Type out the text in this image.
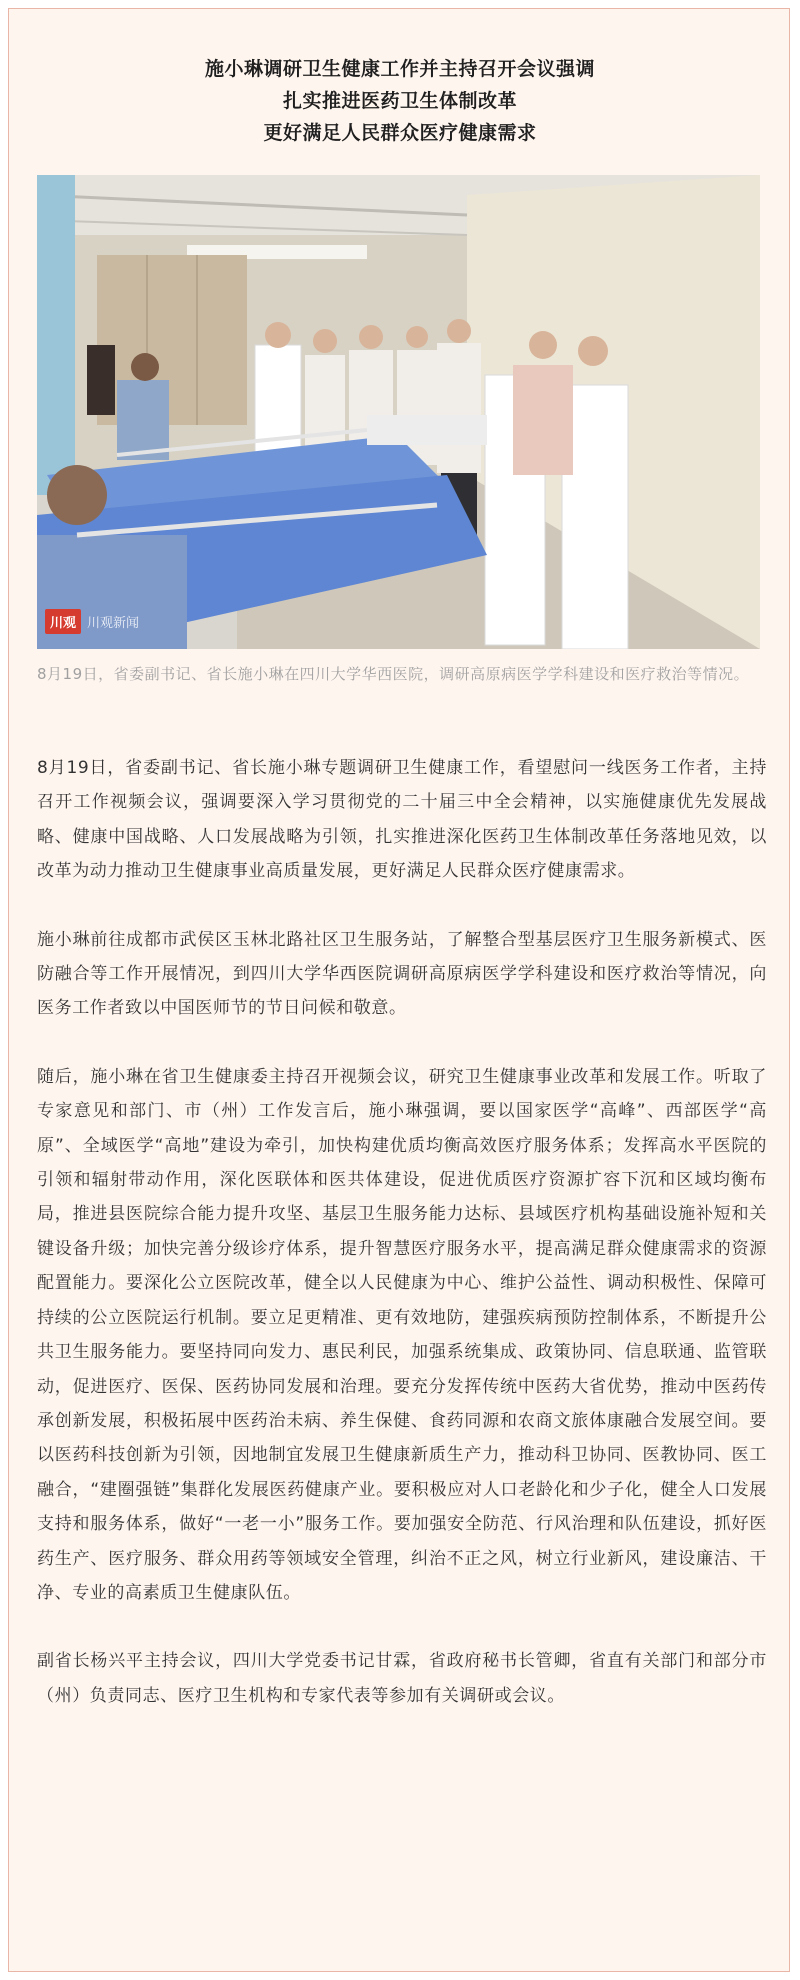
施小琳调研卫生健康工作并主持召开会议强调
扎实推进医药卫生体制改革
更好满足人民群众医疗健康需求
川观 川观新闻
8月19日，省委副书记、省长施小琳在四川大学华西医院，调研高原病医学学科建设和医疗救治等情况。

8月19日，省委副书记、省长施小琳专题调研卫生健康工作，看望慰问一线医务工作者，主持召开工作视频会议，强调要深入学习贯彻党的二十届三中全会精神，以实施健康优先发展战略、健康中国战略、人口发展战略为引领，扎实推进深化医药卫生体制改革任务落地见效，以改革为动力推动卫生健康事业高质量发展，更好满足人民群众医疗健康需求。

施小琳前往成都市武侯区玉林北路社区卫生服务站，了解整合型基层医疗卫生服务新模式、医防融合等工作开展情况，到四川大学华西医院调研高原病医学学科建设和医疗救治等情况，向医务工作者致以中国医师节的节日问候和敬意。

随后，施小琳在省卫生健康委主持召开视频会议，研究卫生健康事业改革和发展工作。听取了专家意见和部门、市（州）工作发言后，施小琳强调，要以国家医学“高峰”、西部医学“高原”、全域医学“高地”建设为牵引，加快构建优质均衡高效医疗服务体系；发挥高水平医院的引领和辐射带动作用，深化医联体和医共体建设，促进优质医疗资源扩容下沉和区域均衡布局，推进县医院综合能力提升攻坚、基层卫生服务能力达标、县域医疗机构基础设施补短和关键设备升级；加快完善分级诊疗体系，提升智慧医疗服务水平，提高满足群众健康需求的资源配置能力。要深化公立医院改革，健全以人民健康为中心、维护公益性、调动积极性、保障可持续的公立医院运行机制。要立足更精准、更有效地防，建强疾病预防控制体系，不断提升公共卫生服务能力。要坚持同向发力、惠民利民，加强系统集成、政策协同、信息联通、监管联动，促进医疗、医保、医药协同发展和治理。要充分发挥传统中医药大省优势，推动中医药传承创新发展，积极拓展中医药治未病、养生保健、食药同源和农商文旅体康融合发展空间。要以医药科技创新为引领，因地制宜发展卫生健康新质生产力，推动科卫协同、医教协同、医工融合，“建圈强链”集群化发展医药健康产业。要积极应对人口老龄化和少子化，健全人口发展支持和服务体系，做好“一老一小”服务工作。要加强安全防范、行风治理和队伍建设，抓好医药生产、医疗服务、群众用药等领域安全管理，纠治不正之风，树立行业新风，建设廉洁、干净、专业的高素质卫生健康队伍。

副省长杨兴平主持会议，四川大学党委书记甘霖，省政府秘书长管卿，省直有关部门和部分市（州）负责同志、医疗卫生机构和专家代表等参加有关调研或会议。
